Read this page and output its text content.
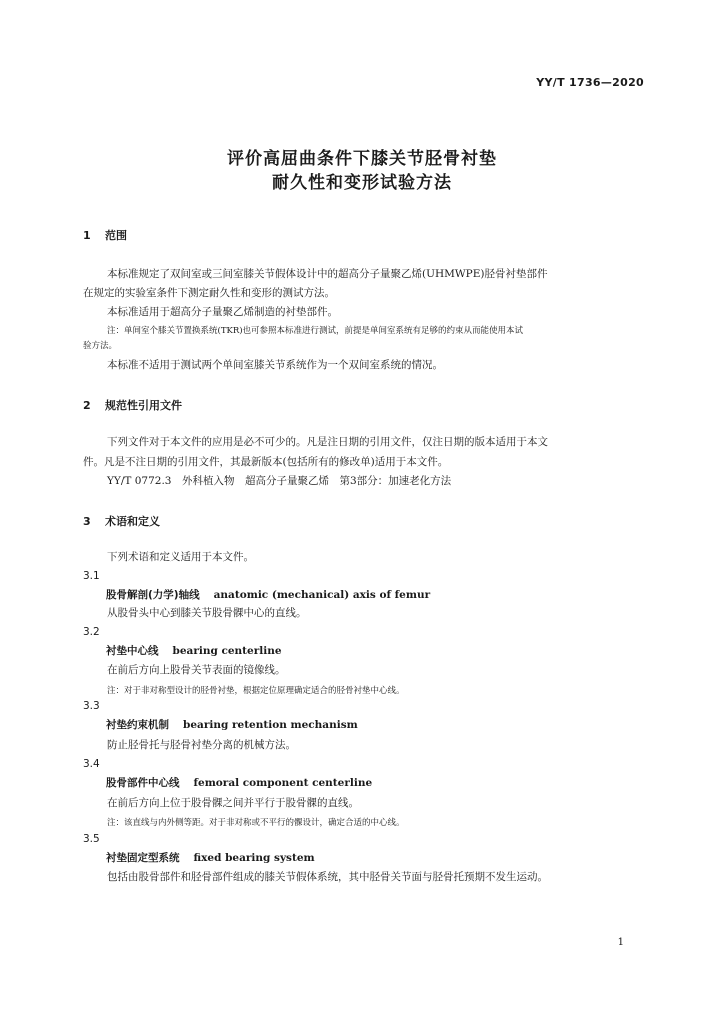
YY/T 1736—2020
评价高屈曲条件下膝关节胫骨衬垫
耐久性和变形试验方法
1 范围
本标准规定了双间室或三间室膝关节假体设计中的超高分子量聚乙烯(UHMWPE)胫骨衬垫部件
在规定的实验室条件下测定耐久性和变形的测试方法。
本标准适用于超高分子量聚乙烯制造的衬垫部件。
注：单间室个膝关节置换系统(TKR)也可参照本标准进行测试，前提是单间室系统有足够的约束从而能使用本试
验方法。
本标准不适用于测试两个单间室膝关节系统作为一个双间室系统的情况。
2 规范性引用文件
下列文件对于本文件的应用是必不可少的。凡是注日期的引用文件，仅注日期的版本适用于本文
件。凡是不注日期的引用文件，其最新版本(包括所有的修改单)适用于本文件。
YY/T 0772.3　外科植入物　超高分子量聚乙烯　第3部分：加速老化方法
3 术语和定义
下列术语和定义适用于本文件。
3.1
股骨解剖(力学)轴线 anatomic (mechanical) axis of femur
从股骨头中心到膝关节股骨髁中心的直线。
3.2
衬垫中心线 bearing centerline
在前后方向上股骨关节表面的镜像线。
注：对于非对称型设计的胫骨衬垫，根据定位原理确定适合的胫骨衬垫中心线。
3.3
衬垫约束机制 bearing retention mechanism
防止胫骨托与胫骨衬垫分离的机械方法。
3.4
股骨部件中心线 femoral component centerline
在前后方向上位于股骨髁之间并平行于股骨髁的直线。
注：该直线与内外侧等距。对于非对称或不平行的髁设计，确定合适的中心线。
3.5
衬垫固定型系统 fixed bearing system
包括由股骨部件和胫骨部件组成的膝关节假体系统，其中胫骨关节面与胫骨托预期不发生运动。
1
